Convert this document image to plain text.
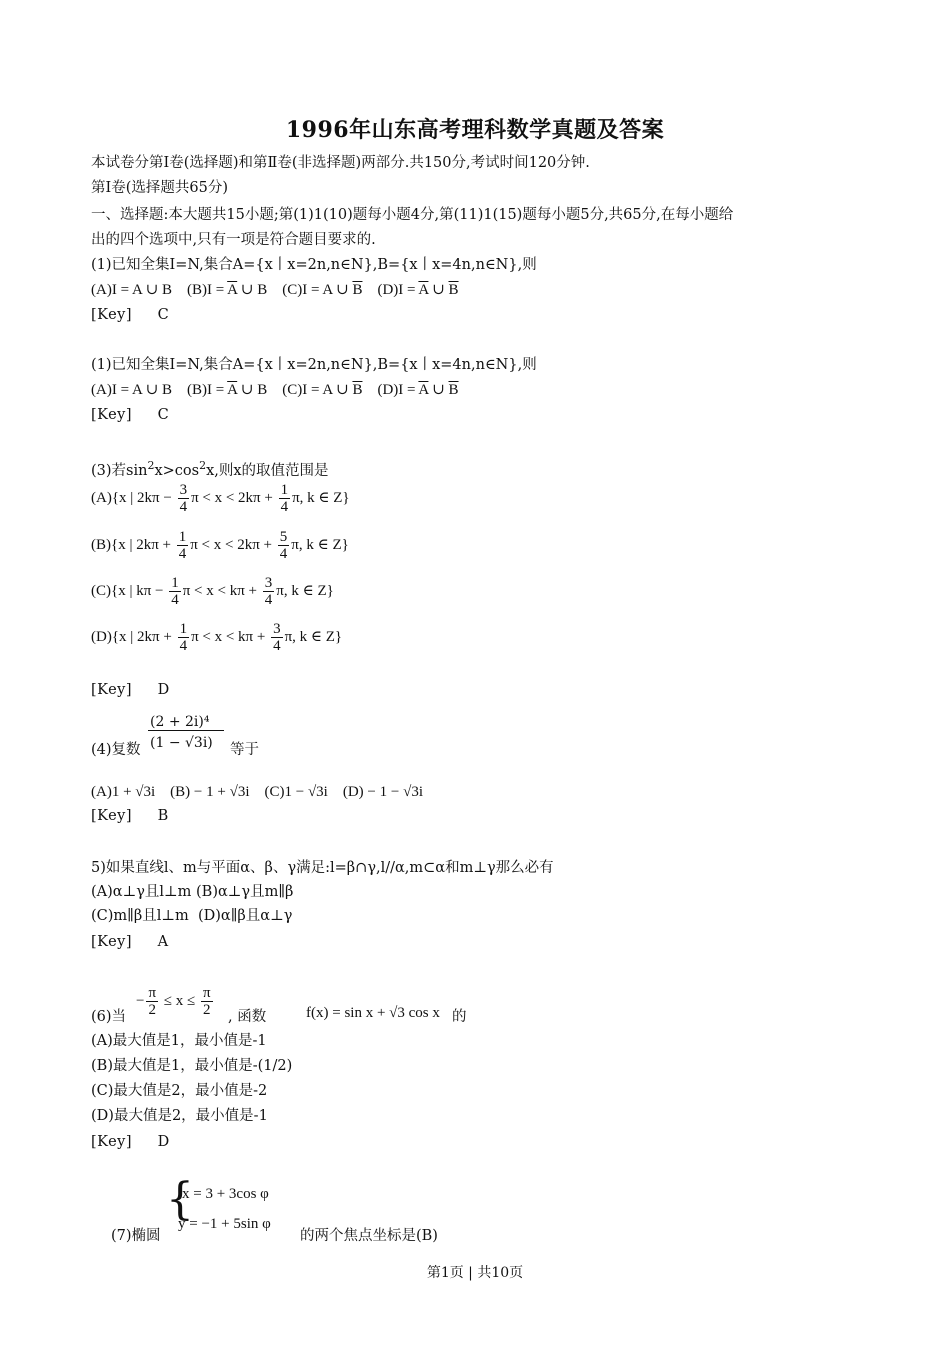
1996年山东高考理科数学真题及答案
本试卷分第Ⅰ卷(选择题)和第Ⅱ卷(非选择题)两部分.共150分,考试时间120分钟.
第Ⅰ卷(选择题共65分)
一、选择题:本大题共15小题;第(1)1(10)题每小题4分,第(11)1(15)题每小题5分,共65分,在每小题给
出的四个选项中,只有一项是符合题目要求的.
(1)已知全集I=N,集合A={x丨x=2n,n∈N},B={x丨x=4n,n∈N},则
(A)I = A ∪ B $(B)I = \overline{A}$ ∪ B (C)I = A ∪ $\overline{B}$ $(D)I = \overline{A}$ ∪ $\overline{B}$
[Key]     C
(1)已知全集I=N,集合A={x丨x=2n,n∈N},B={x丨x=4n,n∈N},则
(A)I = A ∪ B $(B)I = \overline{A}$ ∪ B (C)I = A ∪ $\overline{B}$ $(D)I = \overline{A}$ ∪ $\overline{B}$
[Key]     C
(3)若$\sin^2x>\cos^2x$,则x的取值范围是
(A){x | $2k\pi - \frac{3}{4}$ $\pi < x < 2k\pi + \frac{1}{4} \pi$, k ∈ Z}
(B){x | $2k\pi + \frac{1}{4}$ $\pi < x < 2k\pi + \frac{5}{4} \pi$, k ∈ Z}
(C){x | $k\pi - \frac{1}{4}$ $\pi < x < k\pi + \frac{3}{4} \pi$, k ∈ Z}
(D){x | $2k\pi + \frac{1}{4}$ $\pi < x < k\pi + \frac{3}{4} \pi$, k ∈ Z}
[Key]     D
(2 + 2i)⁴
(1 − √3i)
(4)复数	等于
(A)1 + √3i    (B) − 1 + √3i    (C)1 − √3i    (D) − 1 − √3i
[Key]     B
5)如果直线l、m与平面α、β、γ满足:l=β∩γ,l//α,m⊂α和m⊥γ那么必有
(A)α⊥γ且l⊥m (B)α⊥γ且m∥β
(C)m∥β且l⊥m  (D)α∥β且α⊥γ
[Key]     A
− $\frac{\pi}{2} \le x \le \frac{\pi}{2}$
(6)当	, 函数	f(x) = sin x + √3 cos x 的
(A)最大值是1，最小值是-1
(B)最大值是1，最小值是-(1/2)
(C)最大值是2，最小值是-2
(D)最大值是2，最小值是-1
[Key]     D
{
x = 3 + 3cos φ
y = −1 + 5sin φ
(7)椭圆	的两个焦点坐标是(B)
第1页 | 共10页
